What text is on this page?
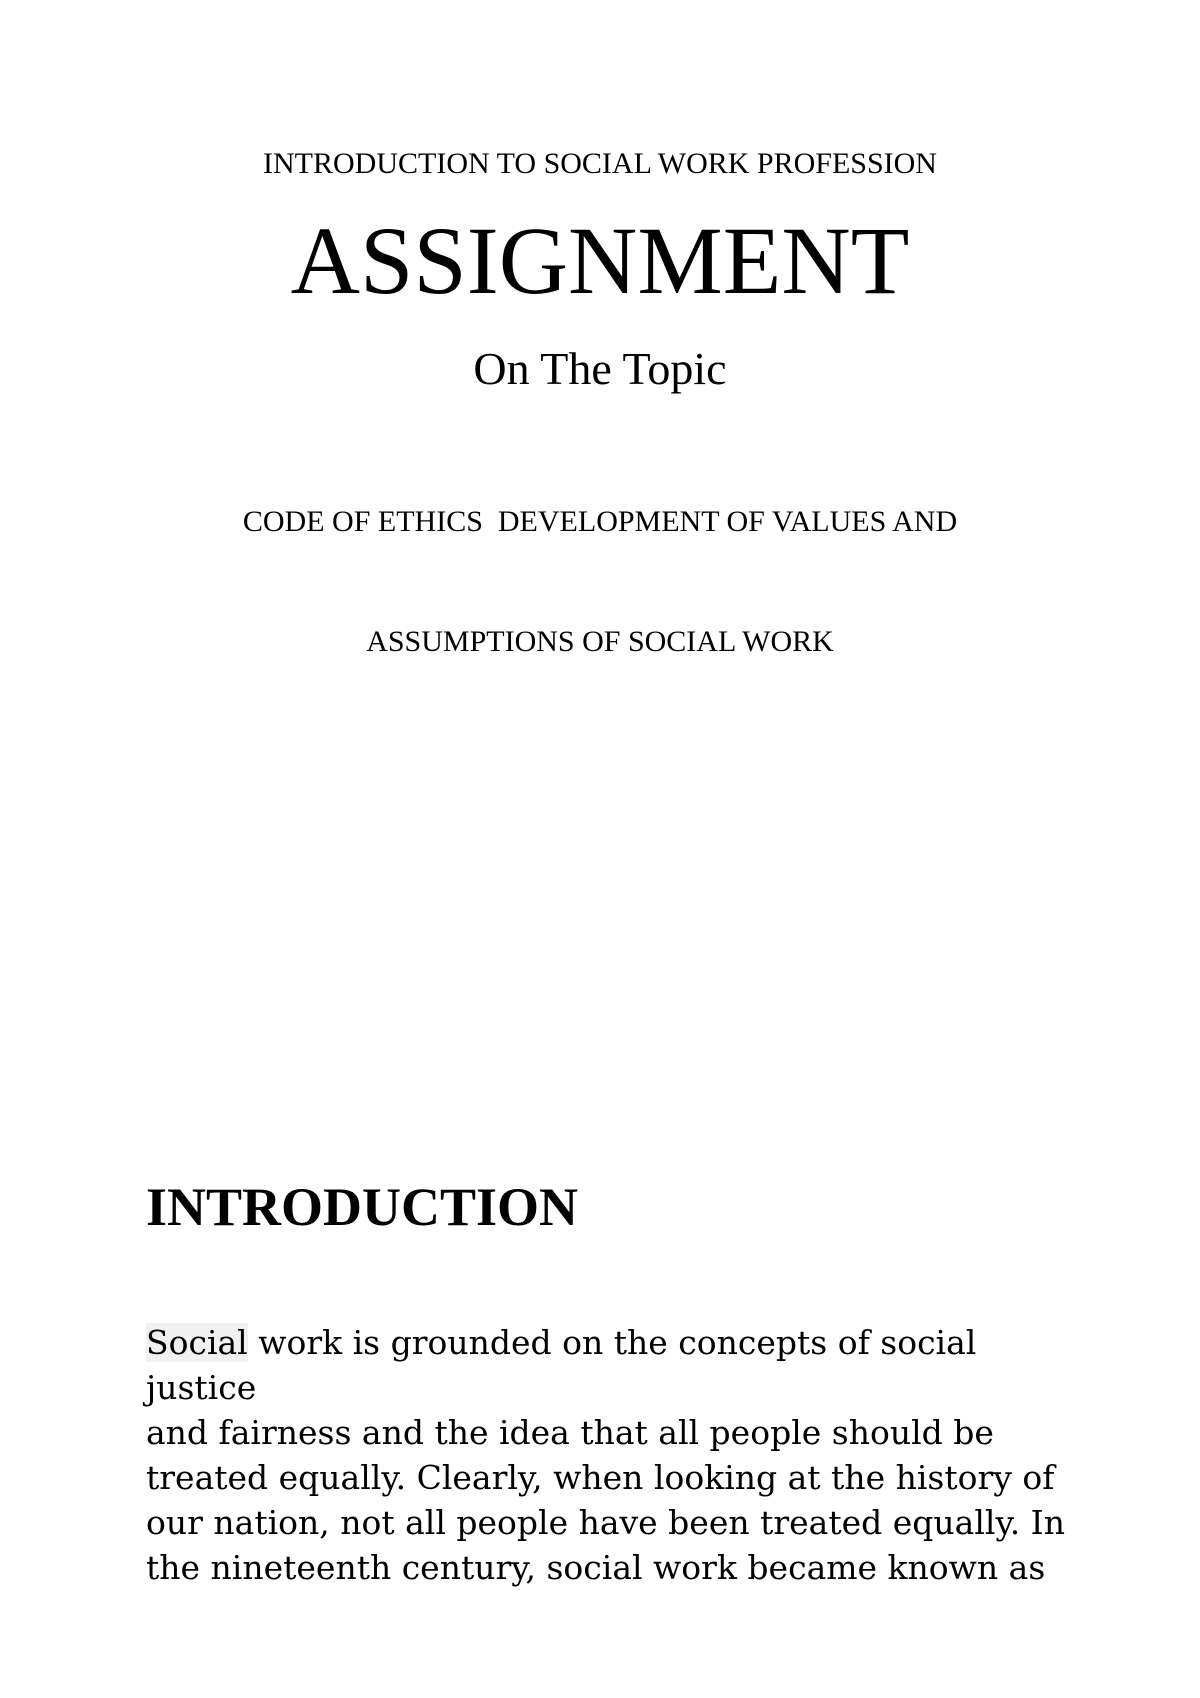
INTRODUCTION TO SOCIAL WORK PROFESSION
ASSIGNMENT
On The Topic

CODE OF ETHICS  DEVELOPMENT OF VALUES AND

ASSUMPTIONS OF SOCIAL WORK

INTRODUCTION
Social work is grounded on the concepts of social justice
and fairness and the idea that all people should be
treated equally. Clearly, when looking at the history of
our nation, not all people have been treated equally. In
the nineteenth century, social work became known as
